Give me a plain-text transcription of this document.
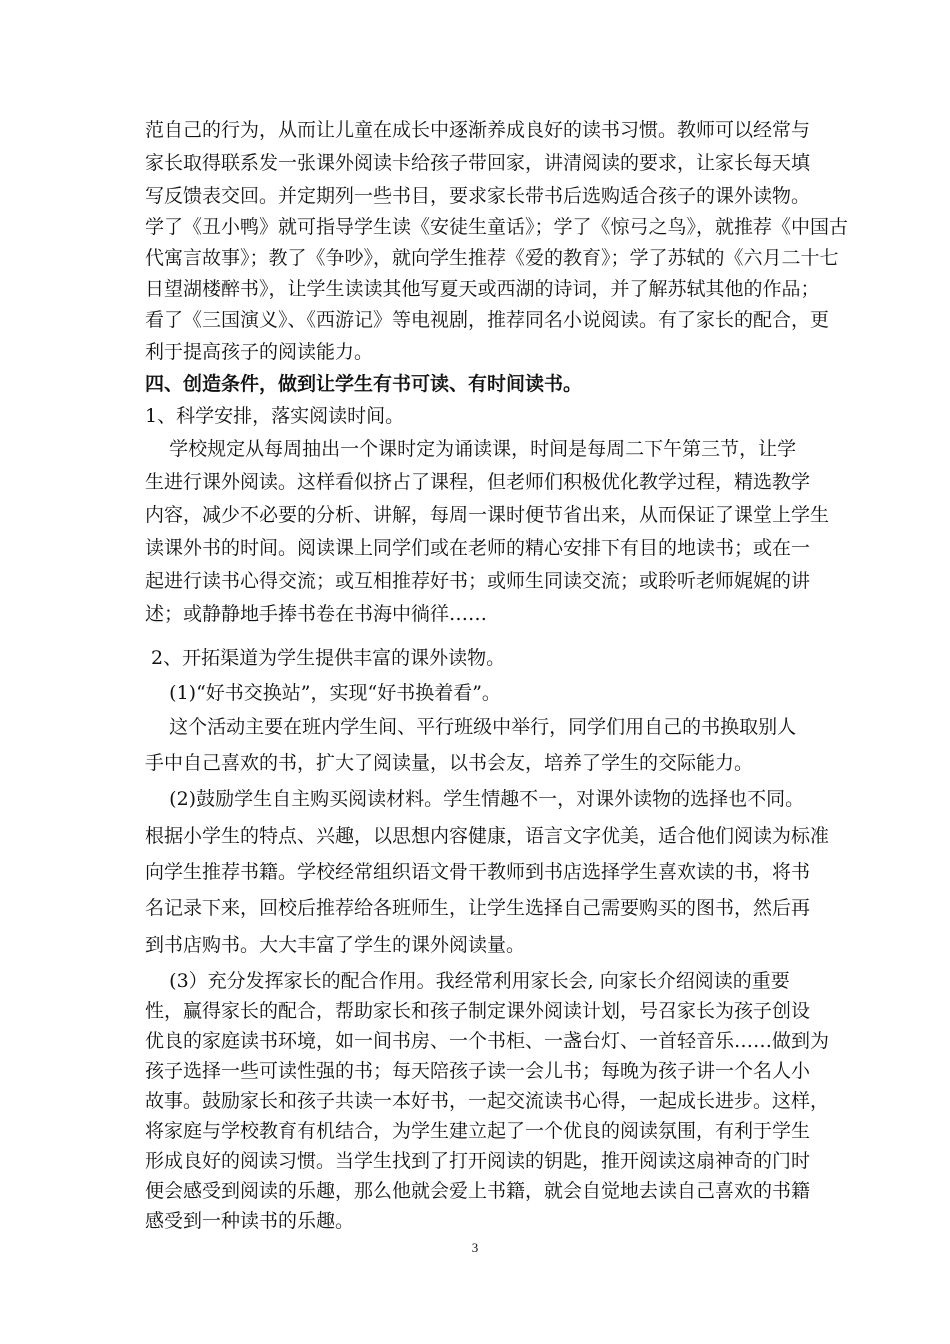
范自己的行为，从而让儿童在成长中逐渐养成良好的读书习惯。教师可以经常与
家长取得联系发一张课外阅读卡给孩子带回家，讲清阅读的要求，让家长每天填
写反馈表交回。并定期列一些书目，要求家长带书后选购适合孩子的课外读物。
学了《丑小鸭》就可指导学生读《安徒生童话》；学了《惊弓之鸟》，就推荐《中国古
代寓言故事》；教了《争吵》，就向学生推荐《爱的教育》；学了苏轼的《六月二十七
日望湖楼醉书》，让学生读读其他写夏天或西湖的诗词，并了解苏轼其他的作品；
看了《三国演义》、《西游记》等电视剧，推荐同名小说阅读。有了家长的配合，更
利于提高孩子的阅读能力。
四、创造条件，做到让学生有书可读、有时间读书。
1、科学安排，落实阅读时间。
学校规定从每周抽出一个课时定为诵读课，时间是每周二下午第三节，让学
生进行课外阅读。这样看似挤占了课程，但老师们积极优化教学过程，精选教学
内容，减少不必要的分析、讲解，每周一课时便节省出来，从而保证了课堂上学生
读课外书的时间。阅读课上同学们或在老师的精心安排下有目的地读书；或在一
起进行读书心得交流；或互相推荐好书；或师生同读交流；或聆听老师娓娓的讲
述；或静静地手捧书卷在书海中徜徉……
2、开拓渠道为学生提供丰富的课外读物。
(1)“好书交换站”，实现“好书换着看”。
这个活动主要在班内学生间、平行班级中举行，同学们用自己的书换取别人
手中自己喜欢的书，扩大了阅读量，以书会友，培养了学生的交际能力。
(2)鼓励学生自主购买阅读材料。学生情趣不一，对课外读物的选择也不同。
根据小学生的特点、兴趣，以思想内容健康，语言文字优美，适合他们阅读为标准
向学生推荐书籍。学校经常组织语文骨干教师到书店选择学生喜欢读的书，将书
名记录下来，回校后推荐给各班师生，让学生选择自己需要购买的图书，然后再
到书店购书。大大丰富了学生的课外阅读量。
(3）充分发挥家长的配合作用。我经常利用家长会, 向家长介绍阅读的重要
性，赢得家长的配合，帮助家长和孩子制定课外阅读计划，号召家长为孩子创设
优良的家庭读书环境，如一间书房、一个书柜、一盏台灯、一首轻音乐……做到为
孩子选择一些可读性强的书；每天陪孩子读一会儿书；每晚为孩子讲一个名人小
故事。鼓励家长和孩子共读一本好书，一起交流读书心得，一起成长进步。这样，
将家庭与学校教育有机结合，为学生建立起了一个优良的阅读氛围，有利于学生
形成良好的阅读习惯。当学生找到了打开阅读的钥匙，推开阅读这扇神奇的门时
便会感受到阅读的乐趣，那么他就会爱上书籍，就会自觉地去读自己喜欢的书籍
感受到一种读书的乐趣。
3
